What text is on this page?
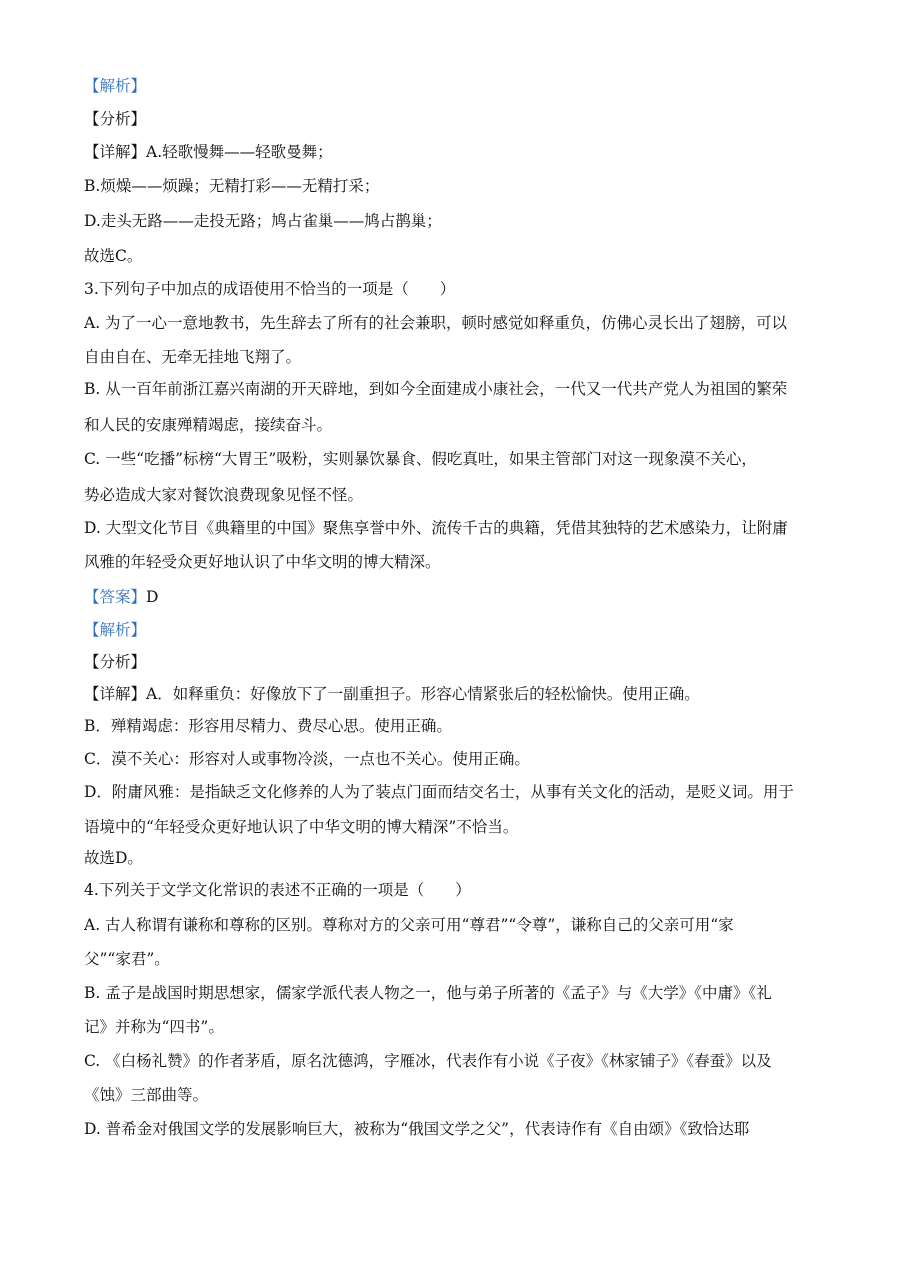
【解析】
【分析】
【详解】A.轻歌慢舞——轻歌曼舞；
B.烦燥——烦躁；无精打彩——无精打采；
D.走头无路——走投无路；鸠占雀巢——鸠占鹊巢；
故选C。
3.下列句子中加点的成语使用不恰当的一项是（　　）
A. 为了一心一意地教书，先生辞去了所有的社会兼职，顿时感觉如释重负，仿佛心灵长出了翅膀，可以
自由自在、无牵无挂地飞翔了。
B. 从一百年前浙江嘉兴南湖的开天辟地，到如今全面建成小康社会，一代又一代共产党人为祖国的繁荣
和人民的安康殚精竭虑，接续奋斗。
C. 一些“吃播”标榜“大胃王”吸粉，实则暴饮暴食、假吃真吐，如果主管部门对这一现象漠不关心，
势必造成大家对餐饮浪费现象见怪不怪。
D. 大型文化节目《典籍里的中国》聚焦享誉中外、流传千古的典籍，凭借其独特的艺术感染力，让附庸
风雅的年轻受众更好地认识了中华文明的博大精深。
【答案】D
【解析】
【分析】
【详解】A．如释重负：好像放下了一副重担子。形容心情紧张后的轻松愉快。使用正确。
B．殚精竭虑：形容用尽精力、费尽心思。使用正确。
C．漠不关心：形容对人或事物冷淡，一点也不关心。使用正确。
D．附庸风雅：是指缺乏文化修养的人为了装点门面而结交名士，从事有关文化的活动，是贬义词。用于
语境中的“年轻受众更好地认识了中华文明的博大精深”不恰当。
故选D。
4.下列关于文学文化常识的表述不正确的一项是（　　）
A. 古人称谓有谦称和尊称的区别。尊称对方的父亲可用“尊君”“令尊”，谦称自己的父亲可用“家
父”“家君”。
B. 孟子是战国时期思想家，儒家学派代表人物之一，他与弟子所著的《孟子》与《大学》《中庸》《礼
记》并称为“四书”。
C. 《白杨礼赞》的作者茅盾，原名沈德鸿，字雁冰，代表作有小说《子夜》《林家铺子》《春蚕》以及
《蚀》三部曲等。
D. 普希金对俄国文学的发展影响巨大，被称为“俄国文学之父”，代表诗作有《自由颂》《致恰达耶
